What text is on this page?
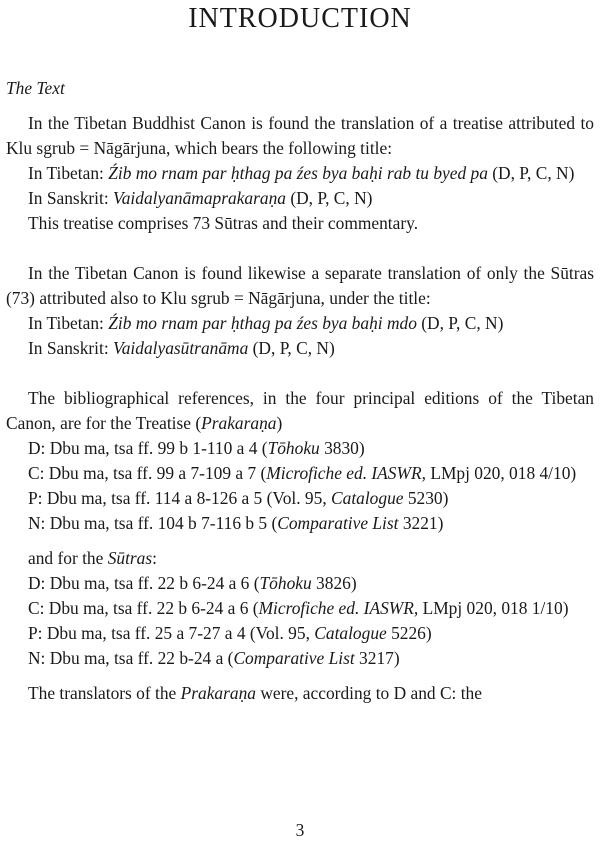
INTRODUCTION

The Text

In the Tibetan Buddhist Canon is found the translation of a treatise attributed to Klu sgrub = Nāgārjuna, which bears the following title:

In Tibetan: Źib mo rnam par ḥthag pa źes bya baḥi rab tu byed pa (D, P, C, N)

In Sanskrit: Vaidalyanāmaprakaraṇa (D, P, C, N)

This treatise comprises 73 Sūtras and their commentary.

In the Tibetan Canon is found likewise a separate translation of only the Sūtras (73) attributed also to Klu sgrub = Nāgārjuna, under the title:

In Tibetan: Źib mo rnam par ḥthag pa źes bya baḥi mdo (D, P, C, N)

In Sanskrit: Vaidalyasūtranāma (D, P, C, N)

The bibliographical references, in the four principal editions of the Tibetan Canon, are for the Treatise (Prakaraṇa)

D: Dbu ma, tsa ff. 99 b 1-110 a 4 (Tōhoku 3830)

C: Dbu ma, tsa ff. 99 a 7-109 a 7 (Microfiche ed. IASWR, LMpj 020, 018 4/10)

P: Dbu ma, tsa ff. 114 a 8-126 a 5 (Vol. 95, Catalogue 5230)

N: Dbu ma, tsa ff. 104 b 7-116 b 5 (Comparative List 3221)

and for the Sūtras:

D: Dbu ma, tsa ff. 22 b 6-24 a 6 (Tōhoku 3826)

C: Dbu ma, tsa ff. 22 b 6-24 a 6 (Microfiche ed. IASWR, LMpj 020, 018 1/10)

P: Dbu ma, tsa ff. 25 a 7-27 a 4 (Vol. 95, Catalogue 5226)

N: Dbu ma, tsa ff. 22 b-24 a (Comparative List 3217)

The translators of the Prakaraṇa were, according to D and C: the

3
